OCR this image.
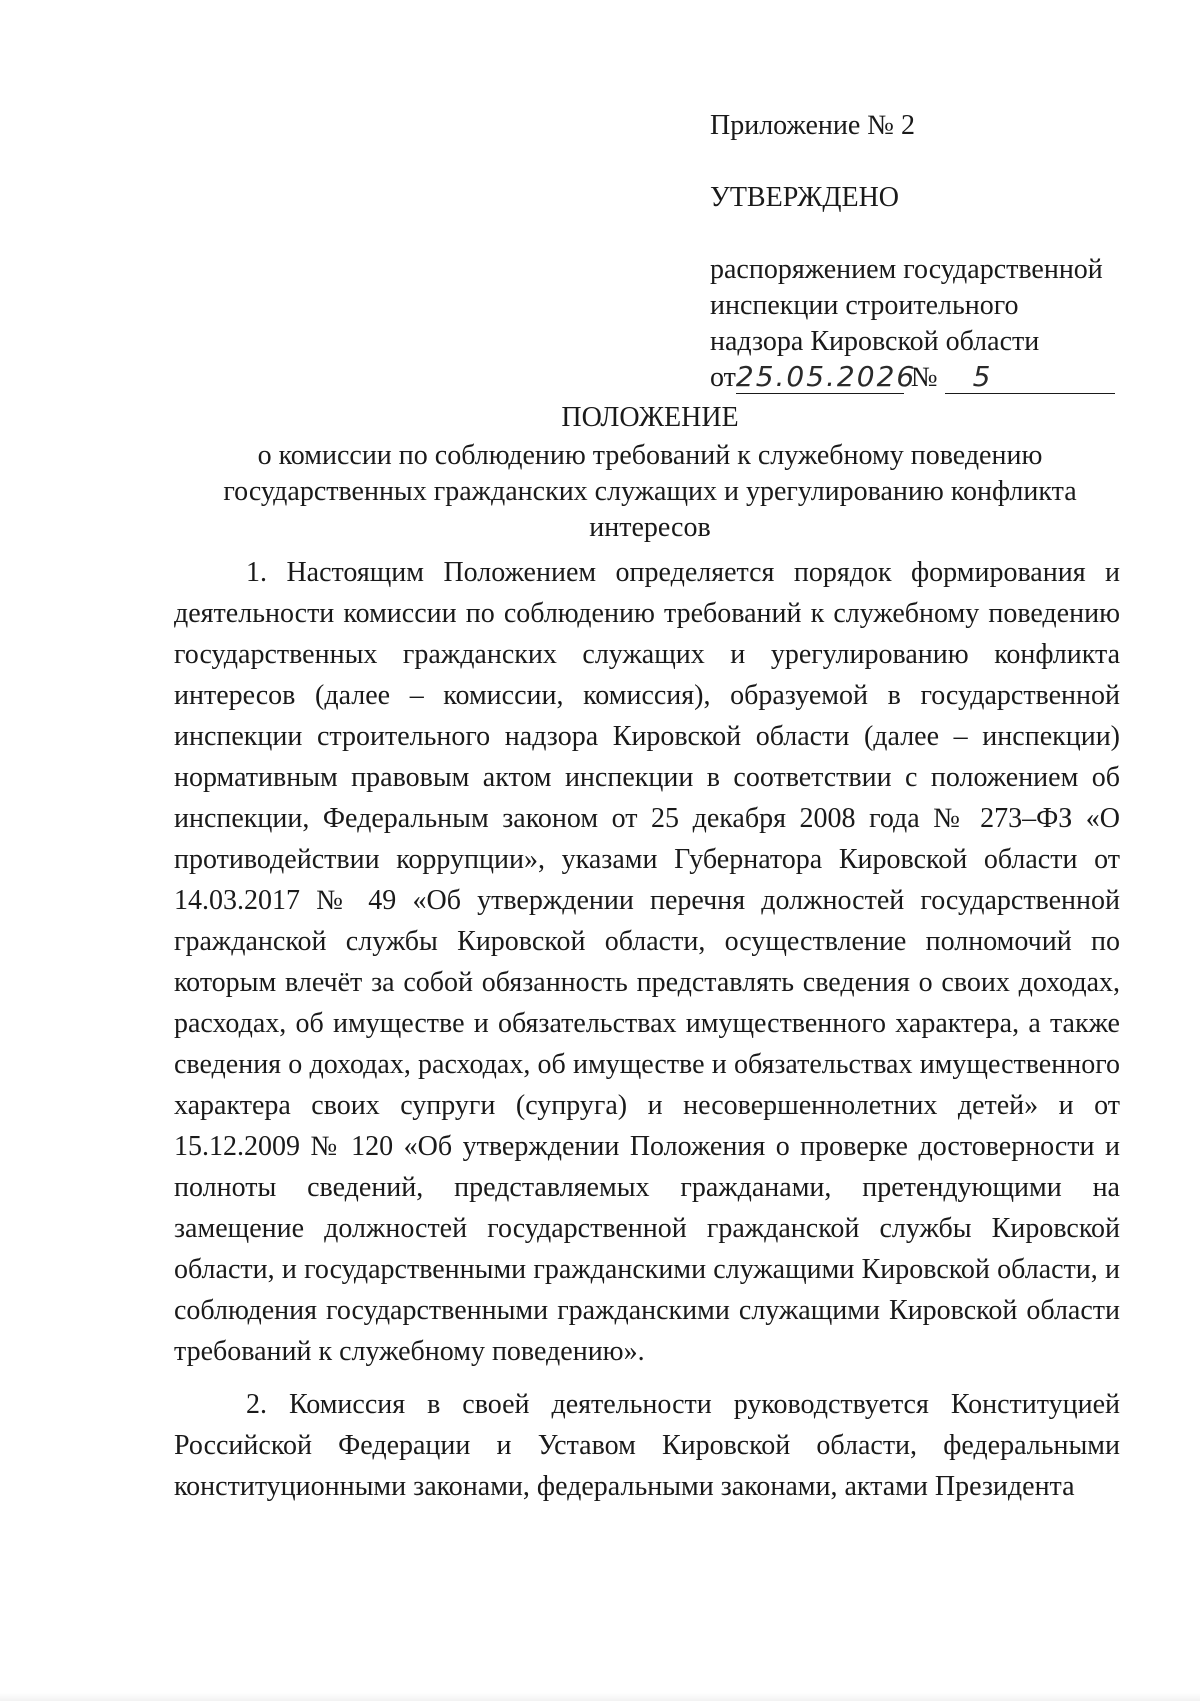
Приложение № 2

УТВЕРЖДЕНО

распоряжением государственной
инспекции строительного
надзора Кировской области
от25.05.2026 № 5
ПОЛОЖЕНИЕ

о комиссии по соблюдению требований к служебному поведению государственных гражданских служащих и урегулированию конфликта интересов

1. Настоящим Положением определяется порядок формирования и деятельности комиссии по соблюдению требований к служебному поведению государственных гражданских служащих и урегулированию конфликта интересов (далее – комиссии, комиссия), образуемой в государственной инспекции строительного надзора Кировской области (далее – инспекции) нормативным правовым актом инспекции в соответствии с положением об инспекции, Федеральным законом от 25 декабря 2008 года № 273–ФЗ «О противодействии коррупции», указами Губернатора Кировской области от 14.03.2017 № 49 «Об утверждении перечня должностей государственной гражданской службы Кировской области, осуществление полномочий по которым влечёт за собой обязанность представлять сведения о своих доходах, расходах, об имуществе и обязательствах имущественного характера, а также сведения о доходах, расходах, об имуществе и обязательствах имущественного характера своих супруги (супруга) и несовершеннолетних детей» и от 15.12.2009 № 120 «Об утверждении Положения о проверке достоверности и полноты сведений, представляемых гражданами, претендующими на замещение должностей государственной гражданской службы Кировской области, и государственными гражданскими служащими Кировской области, и соблюдения государственными гражданскими служащими Кировской области требований к служебному поведению».

2. Комиссия в своей деятельности руководствуется Конституцией Российской Федерации и Уставом Кировской области, федеральными конституционными законами, федеральными законами, актами Президента
